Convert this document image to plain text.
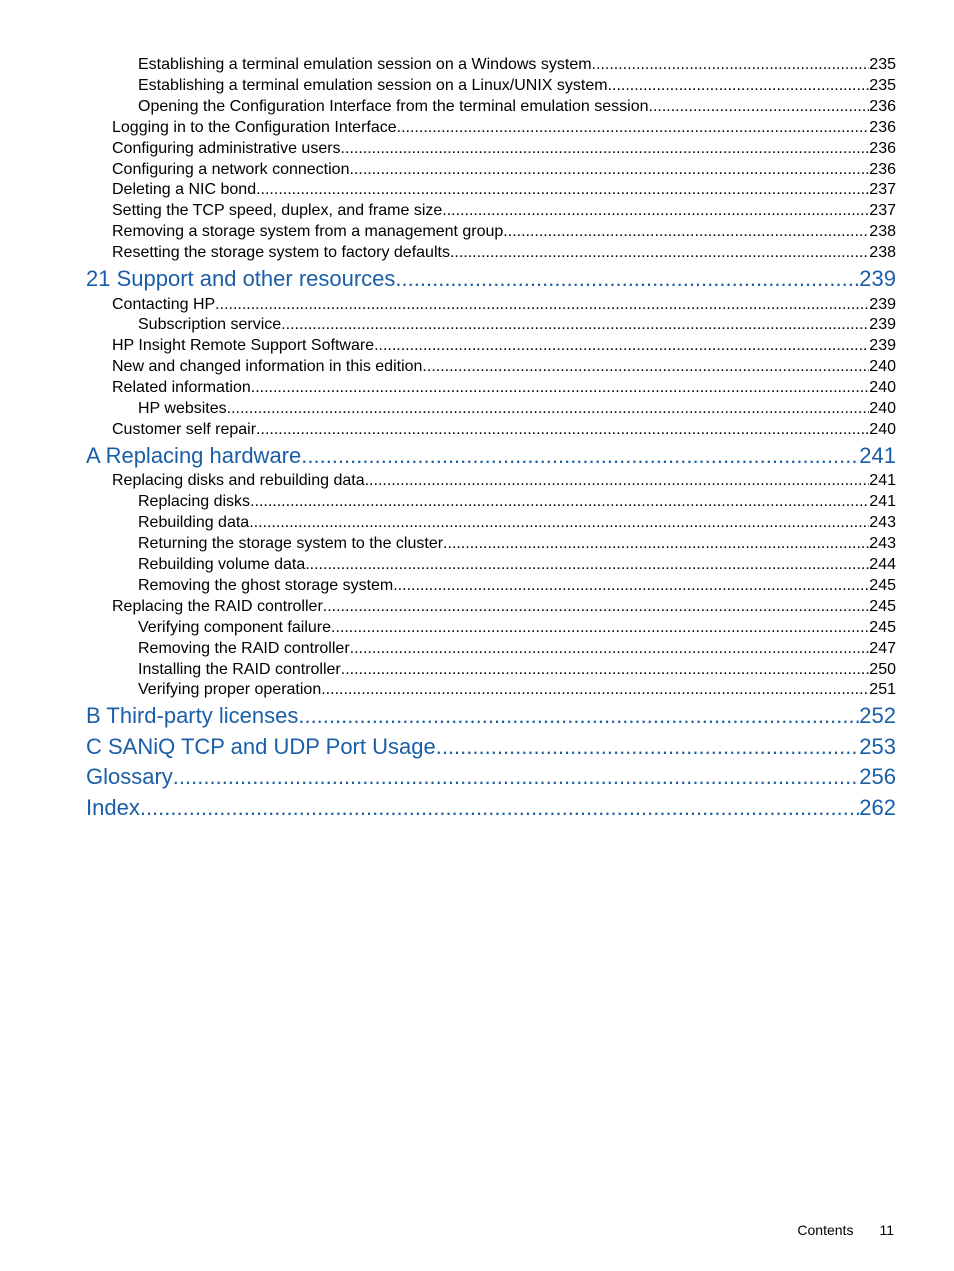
Establishing a terminal emulation session on a Windows system .....	235
Establishing a terminal emulation session on a Linux/UNIX system .....	235
Opening the Configuration Interface from the terminal emulation session .....	236
Logging in to the Configuration Interface .....	236
Configuring administrative users .....	236
Configuring a network connection .....	236
Deleting a NIC bond .....	237
Setting the TCP speed, duplex, and frame size .....	237
Removing a storage system from a management group .....	238
Resetting the storage system to factory defaults .....	238
21 Support and other resources .....	239
Contacting HP .....	239
Subscription service .....	239
HP Insight Remote Support Software .....	239
New and changed information in this edition .....	240
Related information .....	240
HP websites .....	240
Customer self repair .....	240
A Replacing hardware .....	241
Replacing disks and rebuilding data .....	241
Replacing disks .....	241
Rebuilding data .....	243
Returning the storage system to the cluster .....	243
Rebuilding volume data .....	244
Removing the ghost storage system .....	245
Replacing the RAID controller .....	245
Verifying component failure .....	245
Removing the RAID controller .....	247
Installing the RAID controller .....	250
Verifying proper operation .....	251
B Third-party licenses .....	252
C SANiQ TCP and UDP Port Usage .....	253
Glossary .....	256
Index .....	262
Contents 11
